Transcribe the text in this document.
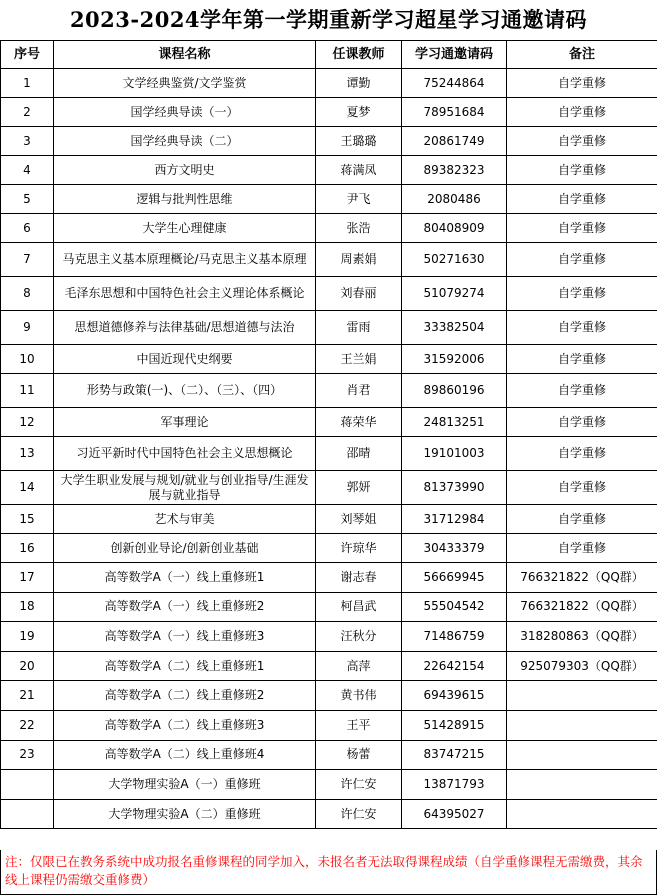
2023-2024学年第一学期重新学习超星学习通邀请码
序号	课程名称	任课教师	学习通邀请码	备注
1	文学经典鉴赏/文学鉴赏	谭勤	75244864	自学重修
2	国学经典导读（一）	夏梦	78951684	自学重修
3	国学经典导读（二）	王璐璐	20861749	自学重修
4	西方文明史	蒋满凤	89382323	自学重修
5	逻辑与批判性思维	尹飞	2080486	自学重修
6	大学生心理健康	张浩	80408909	自学重修
7	马克思主义基本原理概论/马克思主义基本原理	周素娟	50271630	自学重修
8	毛泽东思想和中国特色社会主义理论体系概论	刘春丽	51079274	自学重修
9	思想道德修养与法律基础/思想道德与法治	雷雨	33382504	自学重修
10	中国近现代史纲要	王兰娟	31592006	自学重修
11	形势与政策(一)、（二）、（三）、（四）	肖君	89860196	自学重修
12	军事理论	蒋荣华	24813251	自学重修
13	习近平新时代中国特色社会主义思想概论	邵晴	19101003	自学重修
14	大学生职业发展与规划/就业与创业指导/生涯发展与就业指导	郭妍	81373990	自学重修
15	艺术与审美	刘琴姐	31712984	自学重修
16	创新创业导论/创新创业基础	许琼华	30433379	自学重修
17	高等数学A（一）线上重修班1	谢志春	56669945	766321822（QQ群）
18	高等数学A（一）线上重修班2	柯昌武	55504542	766321822（QQ群）
19	高等数学A（一）线上重修班3	汪秋分	71486759	318280863（QQ群）
20	高等数学A（二）线上重修班1	高萍	22642154	925079303（QQ群）
21	高等数学A（二）线上重修班2	黄书伟	69439615	
22	高等数学A（二）线上重修班3	王平	51428915	
23	高等数学A（二）线上重修班4	杨蕾	83747215	
	大学物理实验A（一）重修班	许仁安	13871793	
	大学物理实验A（二）重修班	许仁安	64395027	
注：仅限已在教务系统中成功报名重修课程的同学加入，未报名者无法取得课程成绩（自学重修课程无需缴费，其余线上课程仍需缴交重修费）
